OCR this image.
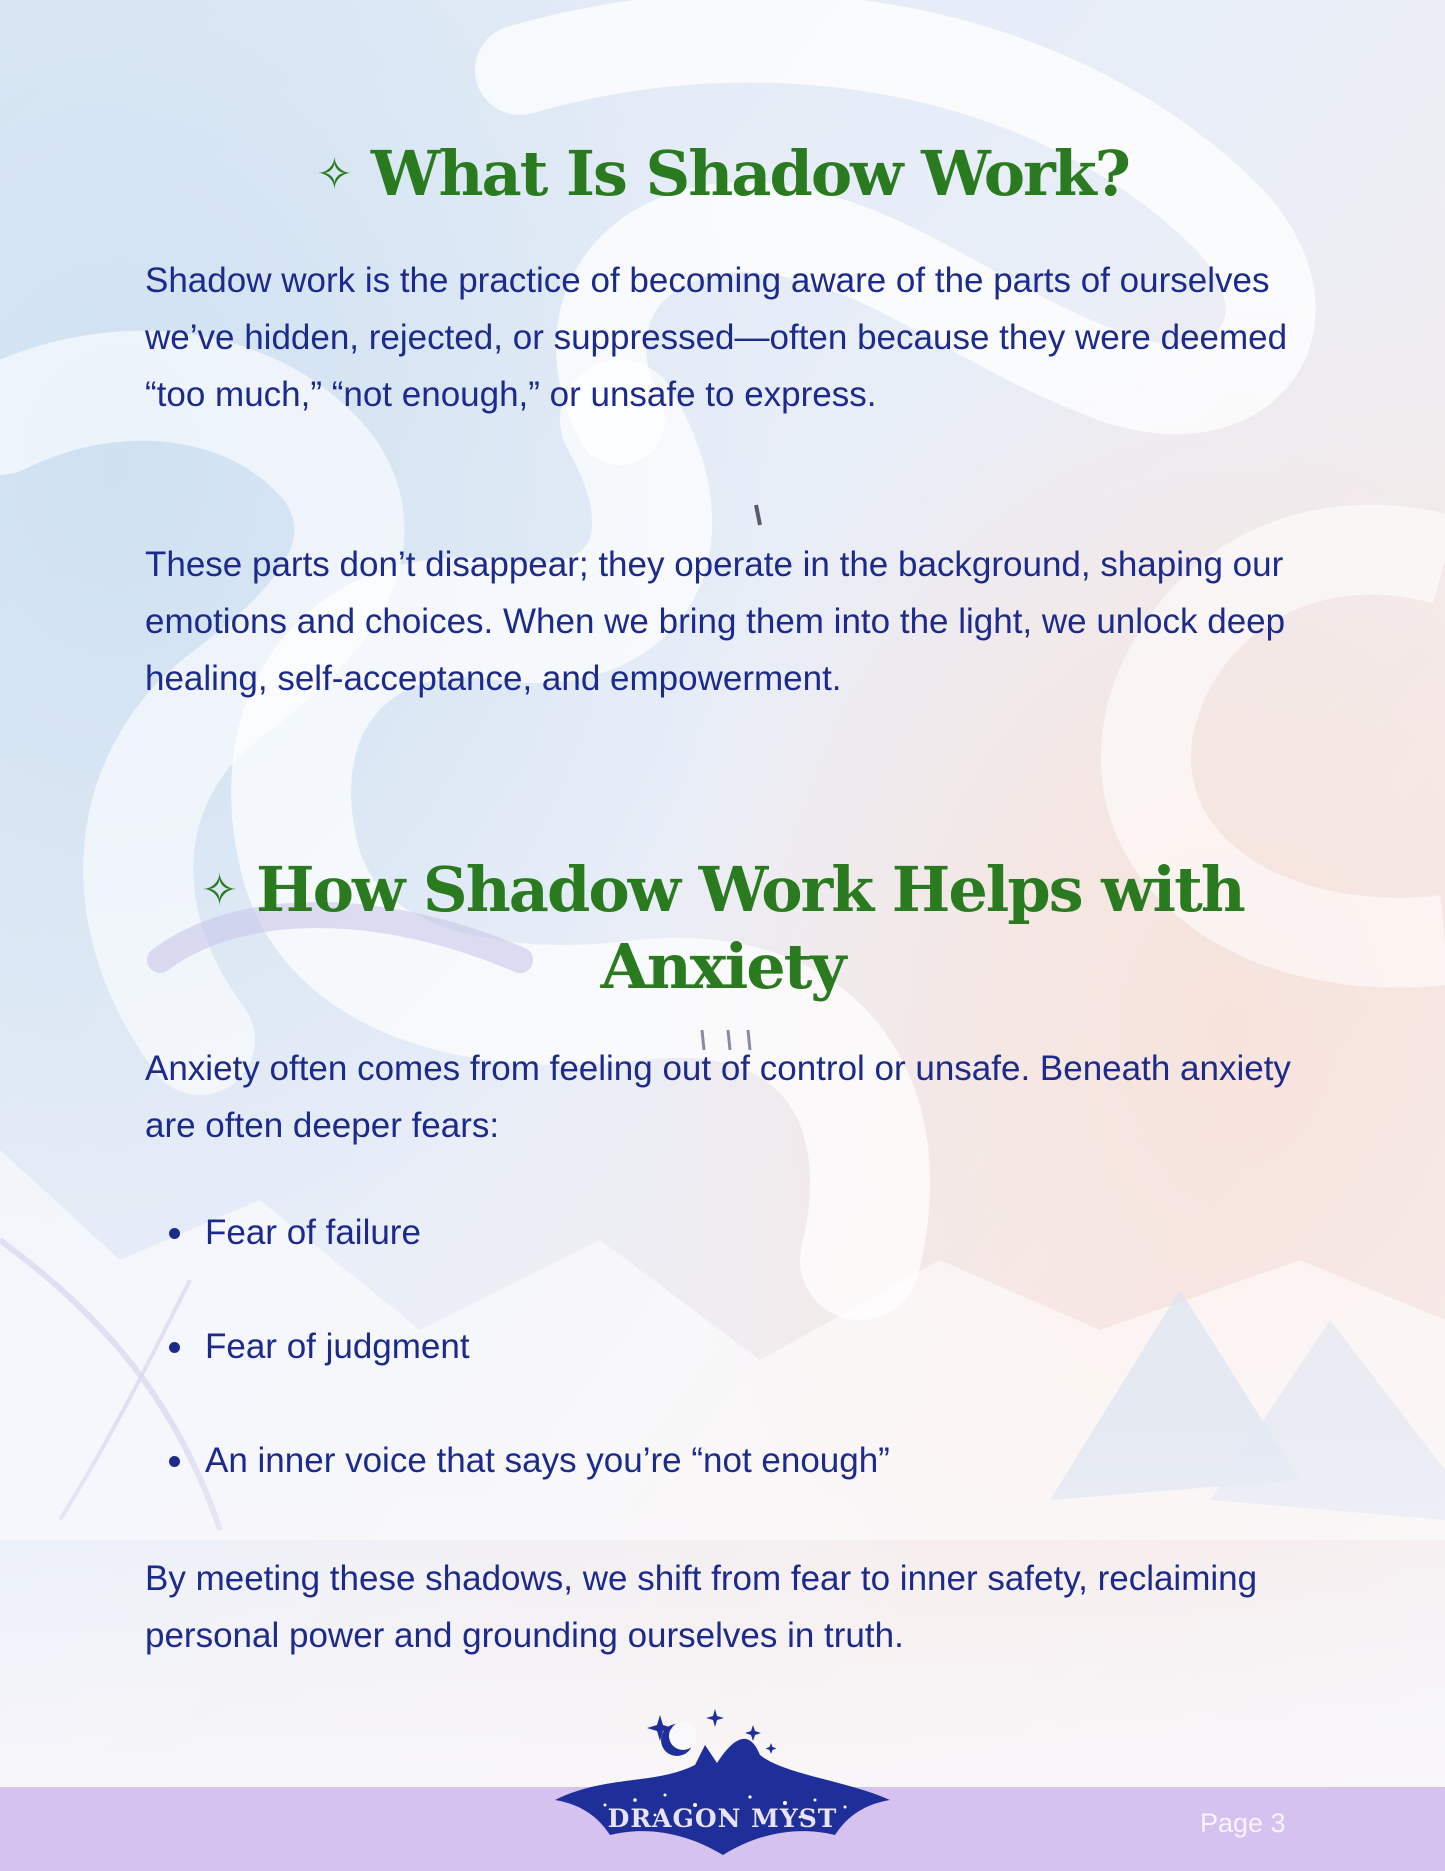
✧ What Is Shadow Work?

Shadow work is the practice of becoming aware of the parts of ourselves we’ve hidden, rejected, or suppressed—often because they were deemed “too much,” “not enough,” or unsafe to express.

These parts don’t disappear; they operate in the background, shaping our emotions and choices. When we bring them into the light, we unlock deep healing, self-acceptance, and empowerment.

✧ How Shadow Work Helps with
Anxiety

Anxiety often comes from feeling out of control or unsafe. Beneath anxiety are often deeper fears:

Fear of failure
Fear of judgment
An inner voice that says you’re “not enough”

By meeting these shadows, we shift from fear to inner safety, reclaiming personal power and grounding ourselves in truth.

DRAGON MYST	Page 3
